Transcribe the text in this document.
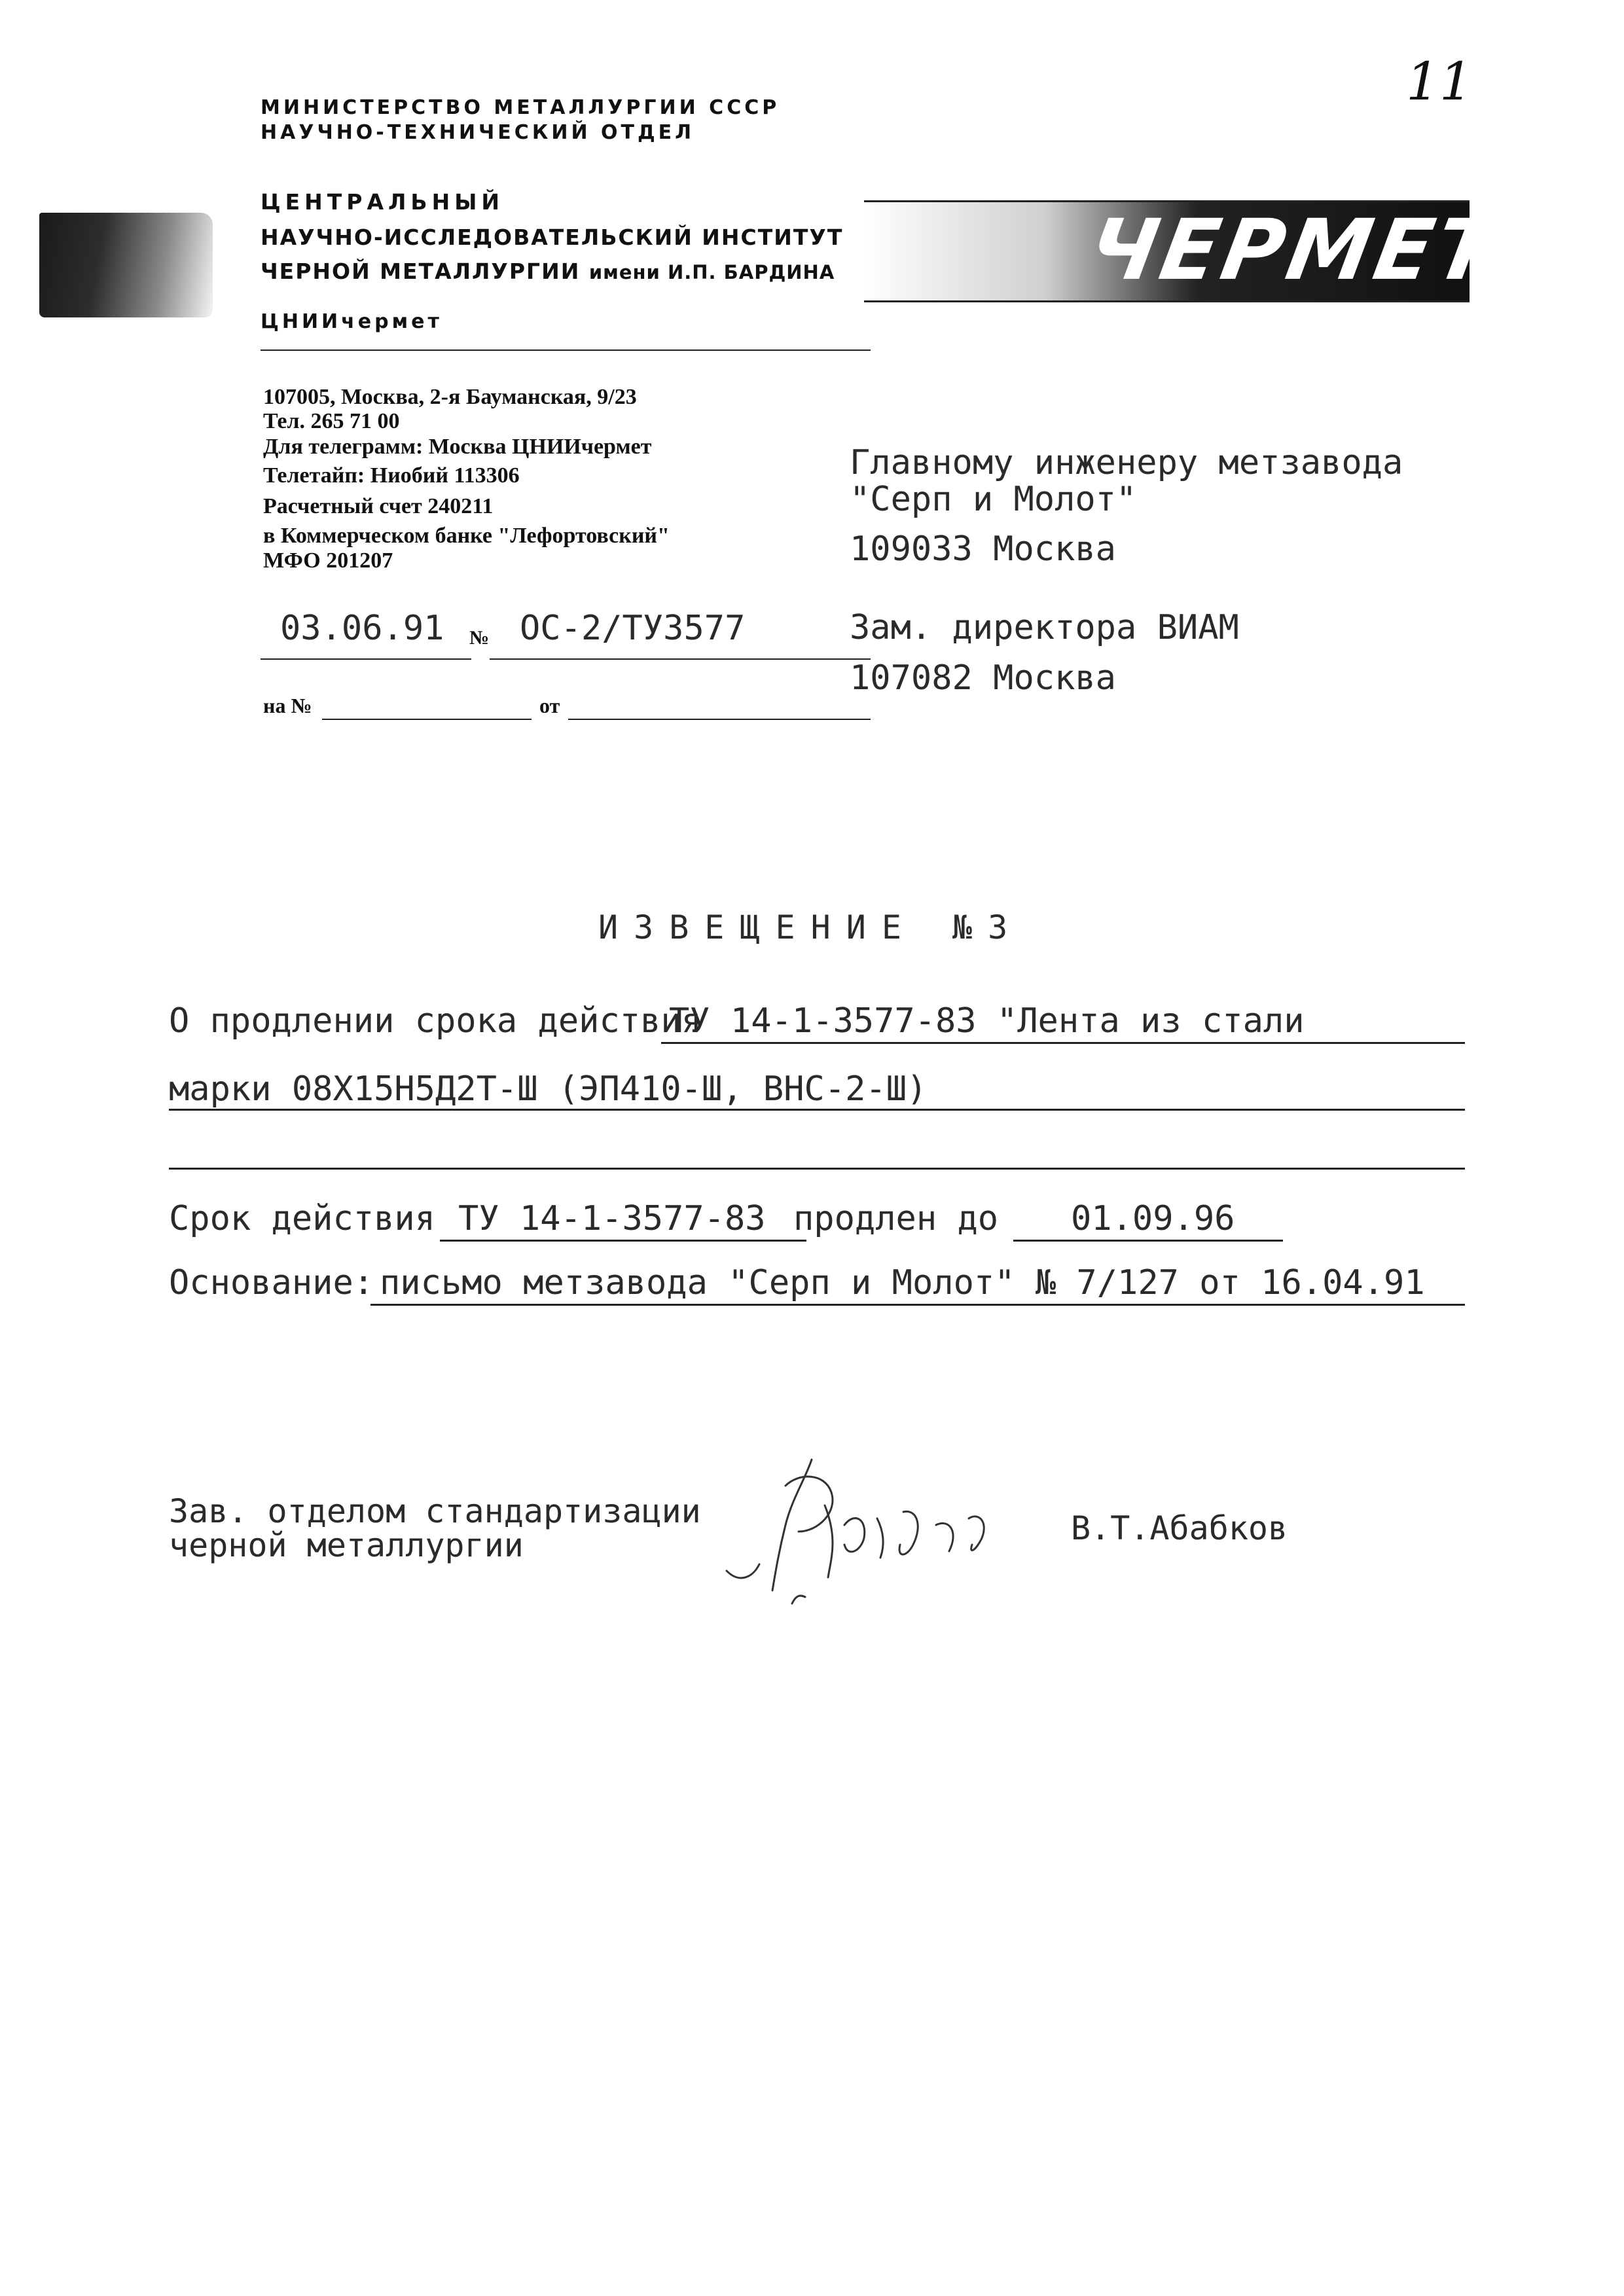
11
МИНИСТЕРСТВО МЕТАЛЛУРГИИ СССР
НАУЧНО-ТЕХНИЧЕСКИЙ ОТДЕЛ
ЧЕРМЕТ
ЦЕНТРАЛЬНЫЙ
НАУЧНО-ИССЛЕДОВАТЕЛЬСКИЙ ИНСТИТУТ
ЧЕРНОЙ МЕТАЛЛУРГИИ имени И.П. БАРДИНА
ЦНИИчермет
107005, Москва, 2-я Бауманская, 9/23
Тел. 265 71 00
Для телеграмм: Москва ЦНИИчермет
Телетайп: Ниобий 113306
Расчетный счет 240211
в Коммерческом банке "Лефортовский"
МФО 201207
Главному инженеру метзавода
"Серп и Молот"
109033 Москва
Зам. директора ВИАМ
107082 Москва
03.06.91 № ОС-2/ТУ3577
на №	от
ИЗВЕЩЕНИЕ №3
О продлении срока действия
ТУ 14-1-3577-83 "Лента из стали
марки 08Х15Н5Д2Т-Ш (ЭП410-Ш, ВНС-2-Ш)
Срок действия ТУ 14-1-3577-83 продлен до 01.09.96
Основание: письмо метзавода "Серп и Молот" № 7/127 от 16.04.91
Зав. отделом стандартизации
черной металлургии	В.Т.Абабков
